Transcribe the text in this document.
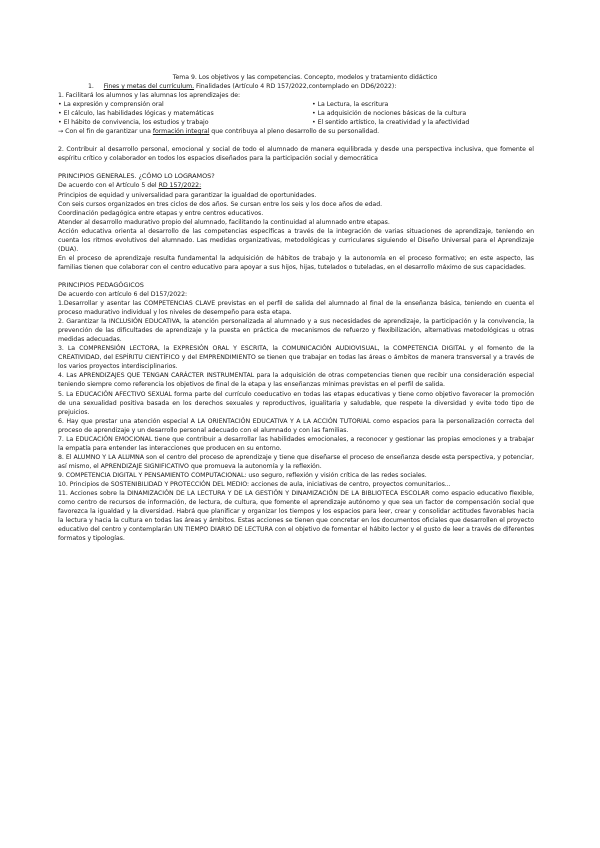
Tema 9. Los objetivos y las competencias. Concepto, modelos y tratamiento didáctico
1. Fines y metas del currículum. Finalidades (Artículo 4 RD 157/2022,contemplado en DD6/2022):
1. Facilitará los alumnos y las alumnas los aprendizajes de:
• La expresión y comprensión oral
• El cálculo, las habilidades lógicas y matemáticas
• El hábito de convivencia, los estudios y trabajo
• La Lectura, la escritura
• La adquisición de nociones básicas de la cultura
• El sentido artístico, la creatividad y la afectividad
→ Con el fin de garantizar una formación integral que contribuya al pleno desarrollo de su personalidad.

2. Contribuir al desarrollo personal, emocional y social de todo el alumnado de manera equilibrada y desde una perspectiva inclusiva, que fomente el espíritu crítico y colaborador en todos los espacios diseñados para la participación social y democrática

PRINCIPIOS GENERALES. ¿CÓMO LO LOGRAMOS?
De acuerdo con el Artículo 5 del RD 157/2022:

Principios de equidad y universalidad para garantizar la igualdad de oportunidades.

Con seis cursos organizados en tres ciclos de dos años. Se cursan entre los seis y los doce años de edad.

Coordinación pedagógica entre etapas y entre centros educativos.

Atender al desarrollo madurativo propio del alumnado, facilitando la continuidad al alumnado entre etapas.

Acción educativa orienta al desarrollo de las competencias específicas a través de la integración de varias situaciones de aprendizaje, teniendo en cuenta los ritmos evolutivos del alumnado. Las medidas organizativas, metodológicas y curriculares siguiendo el Diseño Universal para el Aprendizaje (DUA).

En el proceso de aprendizaje resulta fundamental la adquisición de hábitos de trabajo y la autonomía en el proceso formativo; en este aspecto, las familias tienen que colaborar con el centro educativo para apoyar a sus hijos, hijas, tutelados o tuteladas, en el desarrollo máximo de sus capacidades.

PRINCIPIOS PEDAGÓGICOS
De acuerdo con artículo 6 del D157/2022:

1.Desarrollar y asentar las COMPETENCIAS CLAVE previstas en el perfil de salida del alumnado al final de la enseñanza básica, teniendo en cuenta el proceso madurativo individual y los niveles de desempeño para esta etapa.

2. Garantizar la INCLUSIÓN EDUCATIVA, la atención personalizada al alumnado y a sus necesidades de aprendizaje, la participación y la convivencia, la prevención de las dificultades de aprendizaje y la puesta en práctica de mecanismos de refuerzo y flexibilización, alternativas metodológicas u otras medidas adecuadas.

3. La COMPRENSIÓN LECTORA, la EXPRESIÓN ORAL Y ESCRITA, la COMUNICACIÓN AUDIOVISUAL, la COMPETENCIA DIGITAL y el fomento de la CREATIVIDAD, del ESPÍRITU CIENTÍFICO y del EMPRENDIMIENTO se tienen que trabajar en todas las áreas o ámbitos de manera transversal y a través de los varios proyectos interdisciplinarios.

4. Las APRENDIZAJES QUE TENGAN CARÁCTER INSTRUMENTAL para la adquisición de otras competencias tienen que recibir una consideración especial teniendo siempre como referencia los objetivos de final de la etapa y las enseñanzas mínimas previstas en el perfil de salida.

5. La EDUCACIÓN AFECTIVO SEXUAL forma parte del currículo coeducativo en todas las etapas educativas y tiene como objetivo favorecer la promoción de una sexualidad positiva basada en los derechos sexuales y reproductivos, igualitaria y saludable, que respete la diversidad y evite todo tipo de prejuicios.

6. Hay que prestar una atención especial A LA ORIENTACIÓN EDUCATIVA Y A LA ACCIÓN TUTORIAL como espacios para la personalización correcta del proceso de aprendizaje y un desarrollo personal adecuado con el alumnado y con las familias.

7. La EDUCACIÓN EMOCIONAL tiene que contribuir a desarrollar las habilidades emocionales, a reconocer y gestionar las propias emociones y a trabajar la empatía para entender las interacciones que producen en su entorno.

8. El ALUMNO Y LA ALUMNA son el centro del proceso de aprendizaje y tiene que diseñarse el proceso de enseñanza desde esta perspectiva, y potenciar, así mismo, el APRENDIZAJE SIGNIFICATIVO que promueva la autonomía y la reflexión.

9. COMPETENCIA DIGITAL Y PENSAMIENTO COMPUTACIONAL: uso seguro, reflexión y visión crítica de las redes sociales.

10. Principios de SOSTENIBILIDAD Y PROTECCIÓN DEL MEDIO: acciones de aula, iniciativas de centro, proyectos comunitarios...

11. Acciones sobre la DINAMIZACIÓN DE LA LECTURA Y DE LA GESTIÓN Y DINAMIZACIÓN DE LA BIBLIOTECA ESCOLAR como espacio educativo flexible, como centro de recursos de información, de lectura, de cultura, que fomente el aprendizaje autónomo y que sea un factor de compensación social que favorezca la igualdad y la diversidad. Habrá que planificar y organizar los tiempos y los espacios para leer, crear y consolidar actitudes favorables hacia la lectura y hacia la cultura en todas las áreas y ámbitos. Estas acciones se tienen que concretar en los documentos oficiales que desarrollen el proyecto educativo del centro y contemplarán UN TIEMPO DIARIO DE LECTURA con el objetivo de fomentar el hábito lector y el gusto de leer a través de diferentes formatos y tipologías.
